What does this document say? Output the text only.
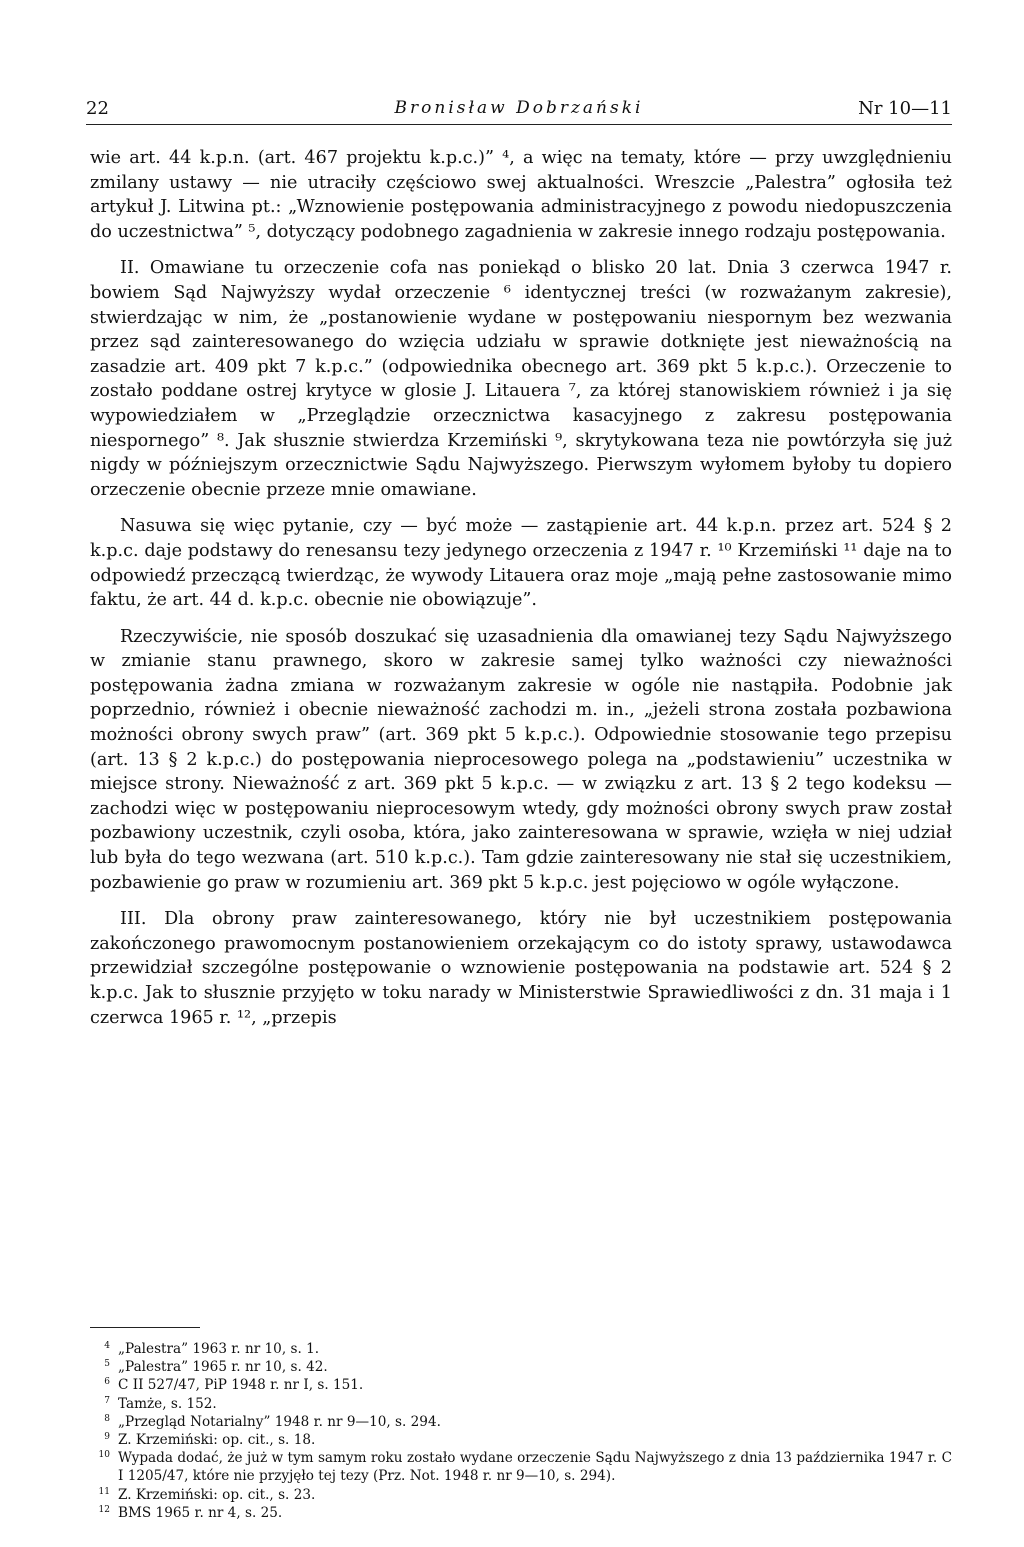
22	Bronisław Dobrzański	Nr 10—11

wie art. 44 k.p.n. (art. 467 projektu k.p.c.)” ⁴, a więc na tematy, które — przy uwzględnieniu zmilany ustawy — nie utraciły częściowo swej aktualności. Wreszcie „Palestra” ogłosiła też artykuł J. Litwina pt.: „Wznowienie postępowania administracyjnego z powodu niedopuszczenia do uczestnictwa” ⁵, dotyczący podobnego zagadnienia w zakresie innego rodzaju postępowania.

II. Omawiane tu orzeczenie cofa nas poniekąd o blisko 20 lat. Dnia 3 czerwca 1947 r. bowiem Sąd Najwyższy wydał orzeczenie ⁶ identycznej treści (w rozważanym zakresie), stwierdzając w nim, że „postanowienie wydane w postępowaniu niespornym bez wezwania przez sąd zainteresowanego do wzięcia udziału w sprawie dotknięte jest nieważnością na zasadzie art. 409 pkt 7 k.p.c.” (odpowiednika obecnego art. 369 pkt 5 k.p.c.). Orzeczenie to zostało poddane ostrej krytyce w glosie J. Litauera ⁷, za której stanowiskiem również i ja się wypowiedziałem w „Przeglądzie orzecznictwa kasacyjnego z zakresu postępowania niespornego” ⁸. Jak słusznie stwierdza Krzemiński ⁹, skrytykowana teza nie powtórzyła się już nigdy w późniejszym orzecznictwie Sądu Najwyższego. Pierwszym wyłomem byłoby tu dopiero orzeczenie obecnie przeze mnie omawiane.

Nasuwa się więc pytanie, czy — być może — zastąpienie art. 44 k.p.n. przez art. 524 § 2 k.p.c. daje podstawy do renesansu tezy jedynego orzeczenia z 1947 r. ¹⁰ Krzemiński ¹¹ daje na to odpowiedź przeczącą twierdząc, że wywody Litauera oraz moje „mają pełne zastosowanie mimo faktu, że art. 44 d. k.p.c. obecnie nie obowiązuje”.

Rzeczywiście, nie sposób doszukać się uzasadnienia dla omawianej tezy Sądu Najwyższego w zmianie stanu prawnego, skoro w zakresie samej tylko ważności czy nieważności postępowania żadna zmiana w rozważanym zakresie w ogóle nie nastąpiła. Podobnie jak poprzednio, również i obecnie nieważność zachodzi m. in., „jeżeli strona została pozbawiona możności obrony swych praw” (art. 369 pkt 5 k.p.c.). Odpowiednie stosowanie tego przepisu (art. 13 § 2 k.p.c.) do postępowania nieprocesowego polega na „podstawieniu” uczestnika w miejsce strony. Nieważność z art. 369 pkt 5 k.p.c. — w związku z art. 13 § 2 tego kodeksu — zachodzi więc w postępowaniu nieprocesowym wtedy, gdy możności obrony swych praw został pozbawiony uczestnik, czyli osoba, która, jako zainteresowana w sprawie, wzięła w niej udział lub była do tego wezwana (art. 510 k.p.c.). Tam gdzie zainteresowany nie stał się uczestnikiem, pozbawienie go praw w rozumieniu art. 369 pkt 5 k.p.c. jest pojęciowo w ogóle wyłączone.

III. Dla obrony praw zainteresowanego, który nie był uczestnikiem postępowania zakończonego prawomocnym postanowieniem orzekającym co do istoty sprawy, ustawodawca przewidział szczególne postępowanie o wznowienie postępowania na podstawie art. 524 § 2 k.p.c. Jak to słusznie przyjęto w toku narady w Ministerstwie Sprawiedliwości z dn. 31 maja i 1 czerwca 1965 r. ¹², „przepis

4 „Palestra” 1963 r. nr 10, s. 1.

5 „Palestra” 1965 r. nr 10, s. 42.

6 C II 527/47, PiP 1948 r. nr I, s. 151.

7 Tamże, s. 152.

8 „Przegląd Notarialny” 1948 r. nr 9—10, s. 294.

9 Z. Krzemiński: op. cit., s. 18.

10 Wypada dodać, że już w tym samym roku zostało wydane orzeczenie Sądu Najwyższego z dnia 13 października 1947 r. C I 1205/47, które nie przyjęło tej tezy (Prz. Not. 1948 r. nr 9—10, s. 294).

11 Z. Krzemiński: op. cit., s. 23.

12 BMS 1965 r. nr 4, s. 25.
